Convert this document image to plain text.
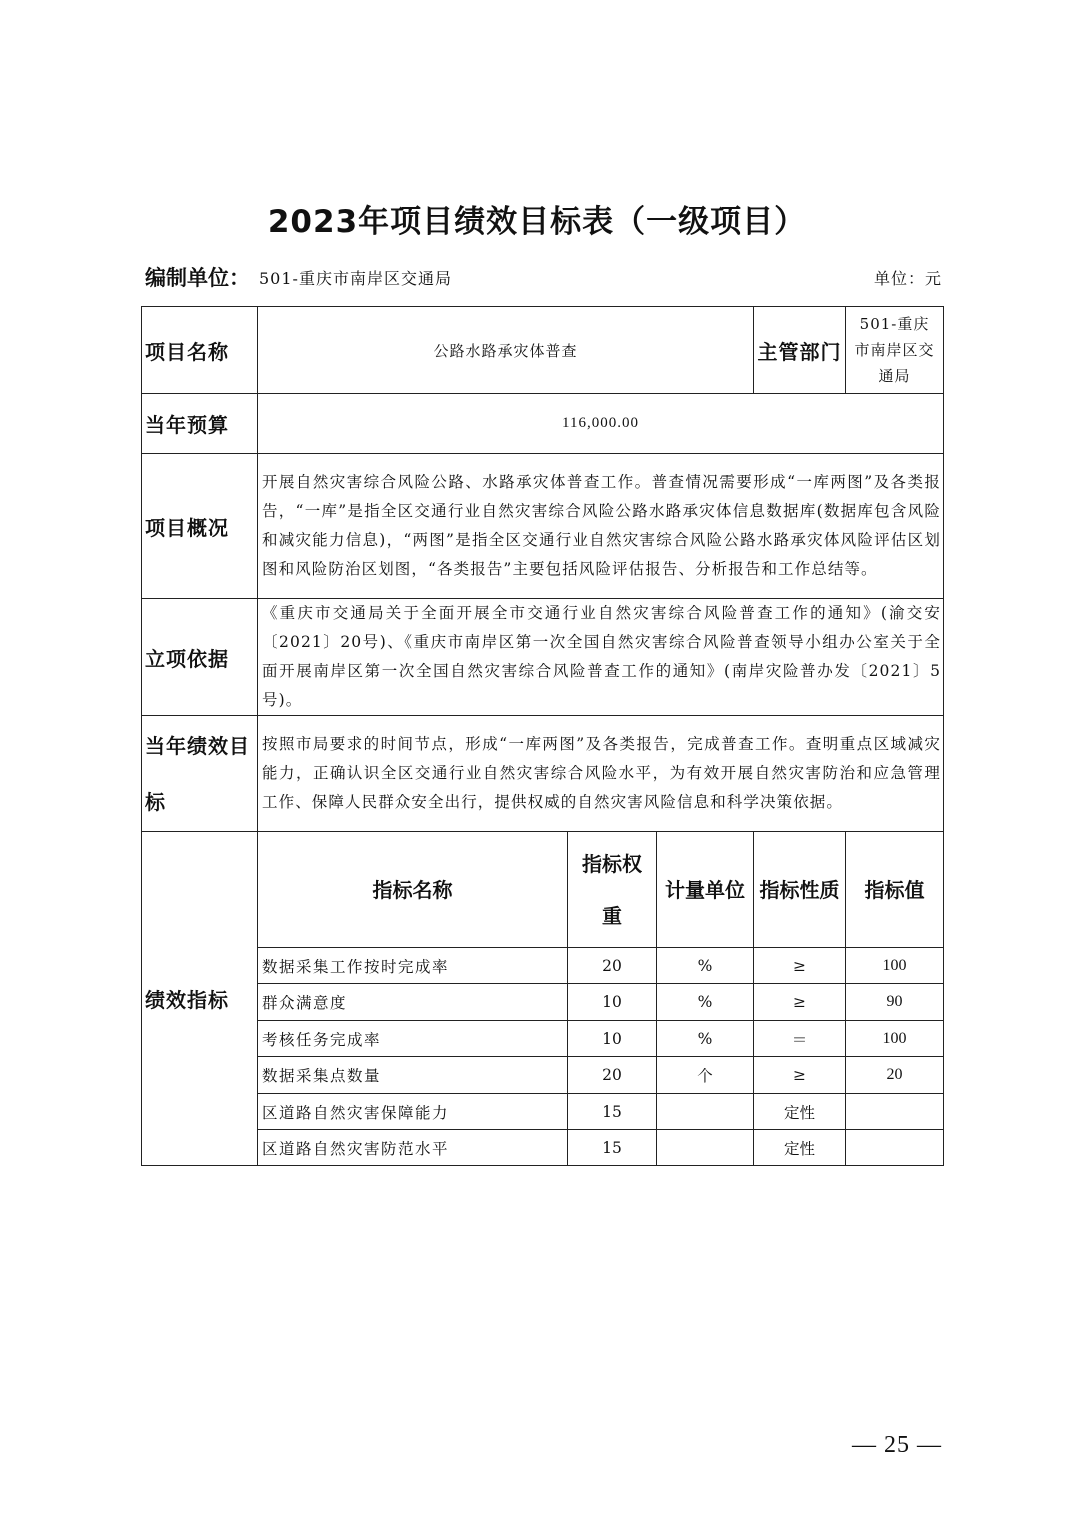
2023年项目绩效目标表（一级项目）
编制单位： 501-重庆市南岸区交通局	单位：元
项目名称	公路水路承灾体普查			主管部门	501-重庆
市南岸区交
通局

当年预算	116,000.00				
项目概况	开展自然灾害综合风险公路、水路承灾体普查工作。普查情况需要形成“一库两图”及各类报告，“一库”是指全区交通行业自然灾害综合风险公路水路承灾体信息数据库(数据库包含风险和减灾能力信息)，“两图”是指全区交通行业自然灾害综合风险公路水路承灾体风险评估区划图和风险防治区划图，“各类报告”主要包括风险评估报告、分析报告和工作总结等。				
立项依据	《重庆市交通局关于全面开展全市交通行业自然灾害综合风险普查工作的通知》(渝交安〔2021〕20号)、《重庆市南岸区第一次全国自然灾害综合风险普查领导小组办公室关于全面开展南岸区第一次全国自然灾害综合风险普查工作的通知》(南岸灾险普办发〔2021〕5号)。				

当年绩效目
标	按照市局要求的时间节点，形成“一库两图”及各类报告，完成普查工作。查明重点区域减灾能力，正确认识全区交通行业自然灾害综合风险水平，为有效开展自然灾害防治和应急管理工作、保障人民群众安全出行，提供权威的自然灾害风险信息和科学决策依据。				
绩效指标	指标名称	指标权
重	计量单位	指标性质	指标值
	数据采集工作按时完成率	20	%	≥	100
	群众满意度	10	%	≥	90
	考核任务完成率	10	%	＝	100
	数据采集点数量	20	个	≥	20
	区道路自然灾害保障能力	15		定性	
	区道路自然灾害防范水平	15		定性	
— 25 —
